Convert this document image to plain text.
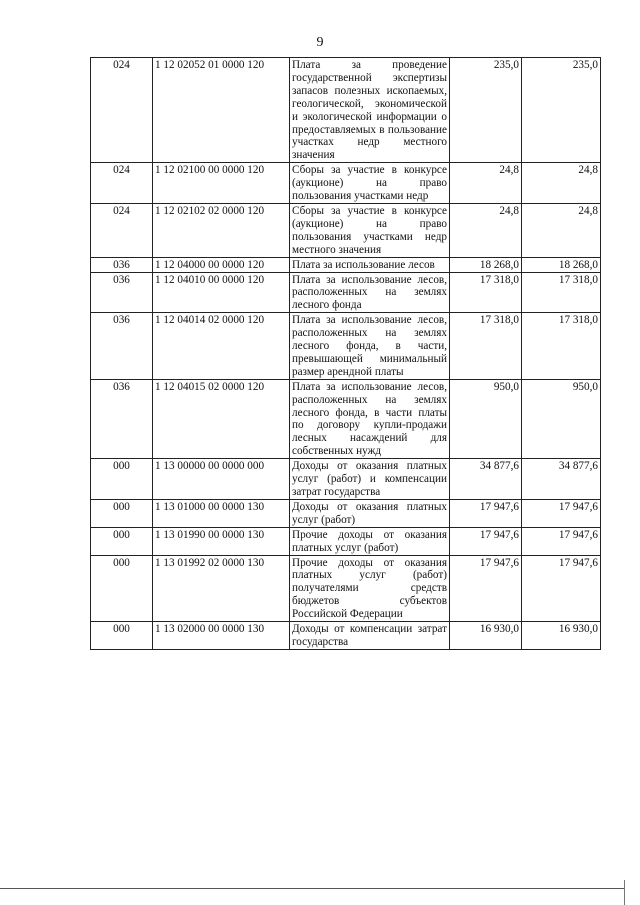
9
024	1 12 02052 01 0000 120	Плата за проведение государственной экспертизы запасов полезных ископаемых, геологической, экономической и экологической информации о предоставляемых в пользование участках недр местного значения	235,0	235,0
024	1 12 02100 00 0000 120	Сборы за участие в конкурсе (аукционе) на право пользования участками недр	24,8	24,8
024	1 12 02102 02 0000 120	Сборы за участие в конкурсе (аукционе) на право пользования участками недр местного значения	24,8	24,8
036	1 12 04000 00 0000 120	Плата за использование лесов	18 268,0	18 268,0
036	1 12 04010 00 0000 120	Плата за использование лесов, расположенных на землях лесного фонда	17 318,0	17 318,0
036	1 12 04014 02 0000 120	Плата за использование лесов, расположенных на землях лесного фонда, в части, превышающей минимальный размер арендной платы	17 318,0	17 318,0
036	1 12 04015 02 0000 120	Плата за использование лесов, расположенных на землях лесного фонда, в части платы по договору купли-продажи лесных насаждений для собственных нужд	950,0	950,0
000	1 13 00000 00 0000 000	Доходы от оказания платных услуг (работ) и компенсации затрат государства	34 877,6	34 877,6
000	1 13 01000 00 0000 130	Доходы от оказания платных услуг (работ)	17 947,6	17 947,6
000	1 13 01990 00 0000 130	Прочие доходы от оказания платных услуг (работ)	17 947,6	17 947,6
000	1 13 01992 02 0000 130	Прочие доходы от оказания платных услуг (работ) получателями средств бюджетов субъектов Российской Федерации	17 947,6	17 947,6
000	1 13 02000 00 0000 130	Доходы от компенсации затрат государства	16 930,0	16 930,0
